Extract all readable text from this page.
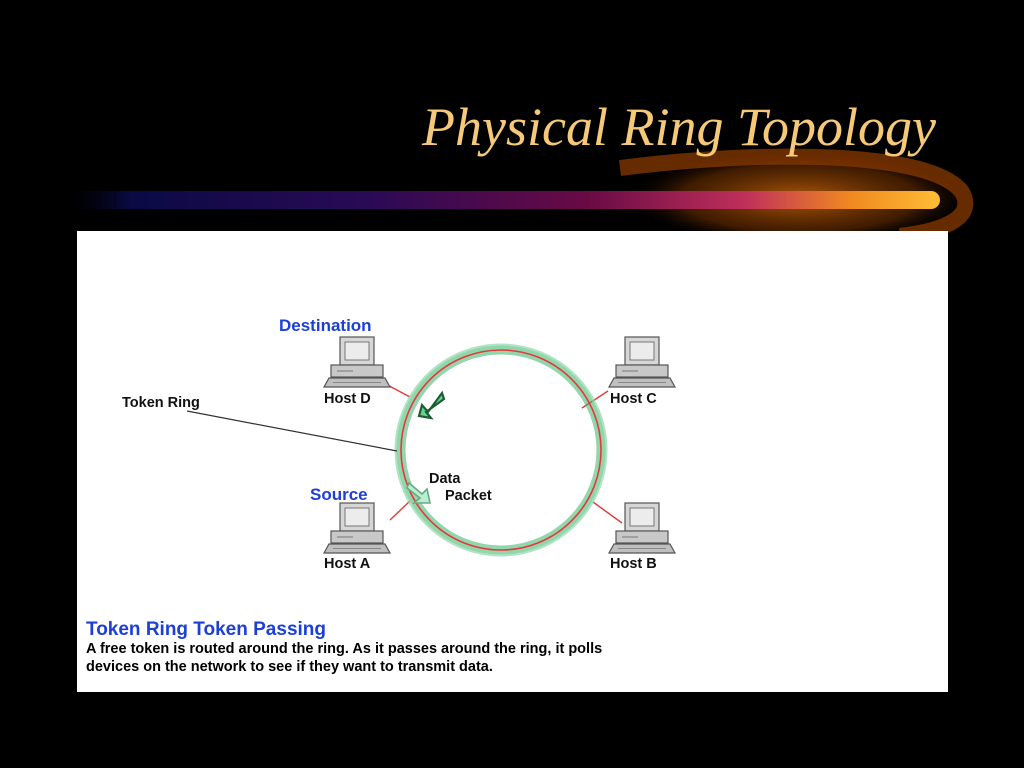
Physical Ring Topology
Destination
Source
Token Ring
Data
Packet
Host D	Host C
Host A	Host B

Token Ring Token Passing

A free token is routed around the ring. As it passes around the ring, it polls

devices on the network to see if they want to transmit data.
